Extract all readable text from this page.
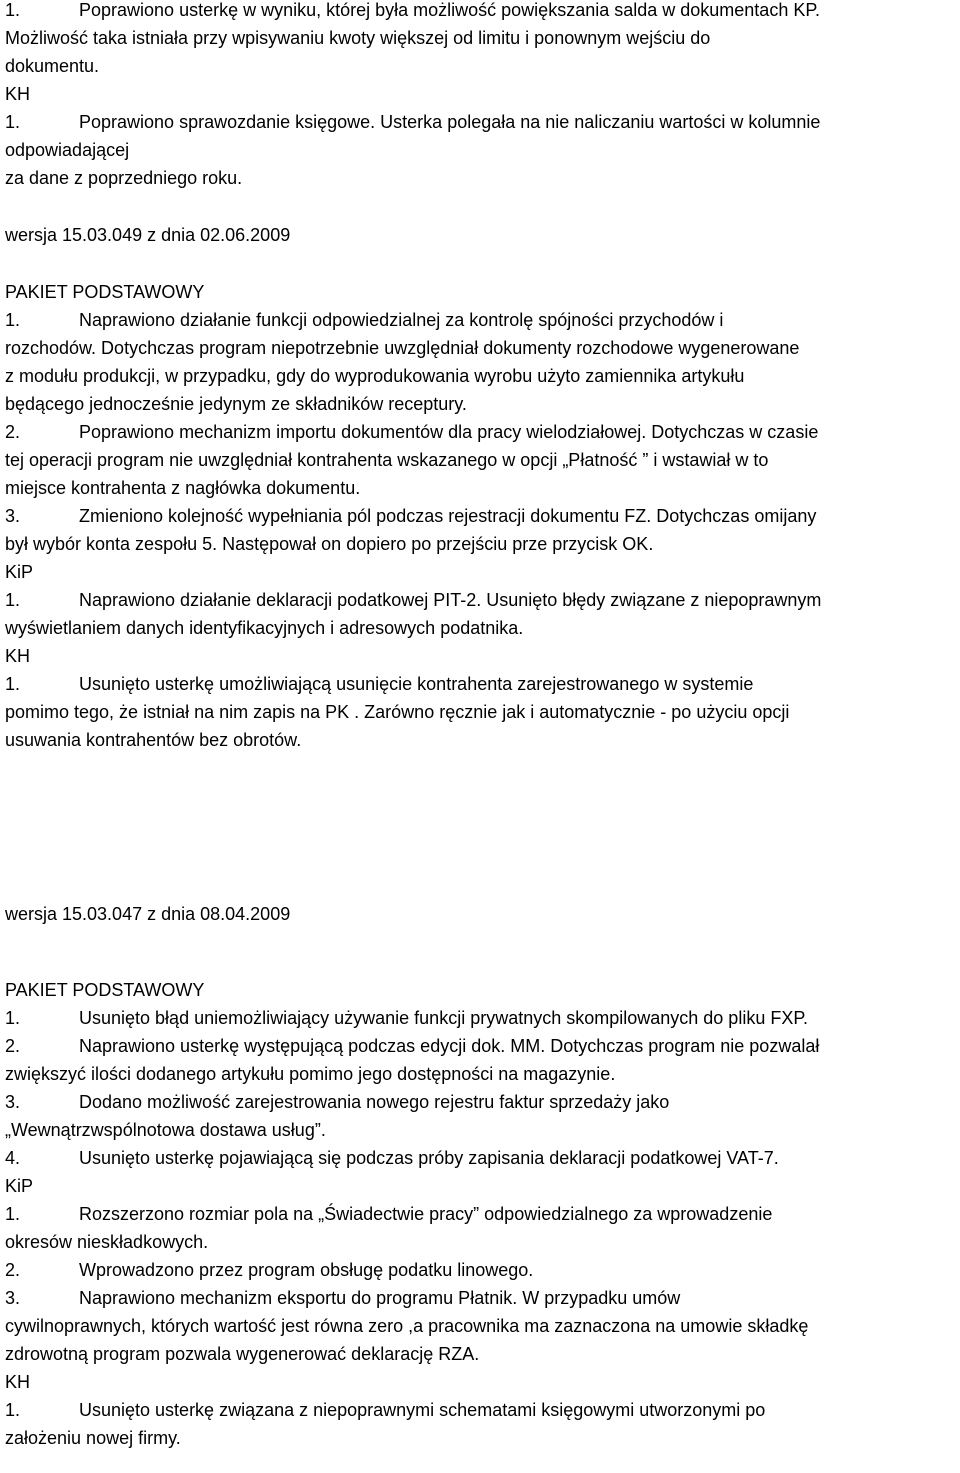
1.	Poprawiono usterkę w wyniku, której była możliwość powiększania salda w dokumentach KP.
Możliwość taka istniała przy wpisywaniu kwoty większej od limitu i ponownym wejściu do
dokumentu.
KH
1.	Poprawiono sprawozdanie księgowe. Usterka polegała na nie naliczaniu wartości w kolumnie
odpowiadającej
za dane z poprzedniego roku.
wersja 15.03.049 z dnia 02.06.2009
PAKIET PODSTAWOWY
1.	Naprawiono działanie funkcji odpowiedzialnej za kontrolę spójności przychodów i
rozchodów. Dotychczas program niepotrzebnie uwzględniał dokumenty rozchodowe wygenerowane
z modułu produkcji, w przypadku, gdy do wyprodukowania wyrobu użyto zamiennika artykułu
będącego jednocześnie jedynym ze składników receptury.
2.	Poprawiono mechanizm importu dokumentów dla pracy wielodziałowej. Dotychczas w czasie
tej operacji program nie uwzględniał kontrahenta wskazanego w opcji „Płatność ” i wstawiał w to
miejsce kontrahenta z nagłówka dokumentu.
3.	Zmieniono kolejność wypełniania pól podczas rejestracji dokumentu FZ. Dotychczas omijany
był wybór konta zespołu 5. Następował on dopiero po przejściu prze przycisk OK.
KiP
1.	Naprawiono działanie deklaracji podatkowej PIT-2. Usunięto błędy związane z niepoprawnym
wyświetlaniem danych identyfikacyjnych i adresowych podatnika.
KH
1.	Usunięto usterkę umożliwiającą usunięcie kontrahenta zarejestrowanego w systemie
pomimo tego, że istniał na nim zapis na PK . Zarówno ręcznie jak i automatycznie - po użyciu opcji
usuwania kontrahentów bez obrotów.
wersja 15.03.047 z dnia 08.04.2009
PAKIET PODSTAWOWY
1.	Usunięto błąd uniemożliwiający używanie funkcji prywatnych skompilowanych do pliku FXP.
2.	Naprawiono usterkę występującą podczas edycji dok. MM. Dotychczas program nie pozwalał
zwiększyć ilości dodanego artykułu pomimo jego dostępności na magazynie.
3.	Dodano możliwość zarejestrowania nowego rejestru faktur sprzedaży jako
„Wewnątrzwspólnotowa dostawa usług”.
4.	Usunięto usterkę pojawiającą się podczas próby zapisania deklaracji podatkowej VAT-7.
KiP
1.	Rozszerzono rozmiar pola na „Świadectwie pracy” odpowiedzialnego za wprowadzenie
okresów nieskładkowych.
2.	Wprowadzono przez program obsługę podatku linowego.
3.	Naprawiono mechanizm eksportu do programu Płatnik. W przypadku umów
cywilnoprawnych, których wartość jest równa zero ,a pracownika ma zaznaczona na umowie składkę
zdrowotną program pozwala wygenerować deklarację RZA.
KH
1.	Usunięto usterkę związana z niepoprawnymi schematami księgowymi utworzonymi po
założeniu nowej firmy.
